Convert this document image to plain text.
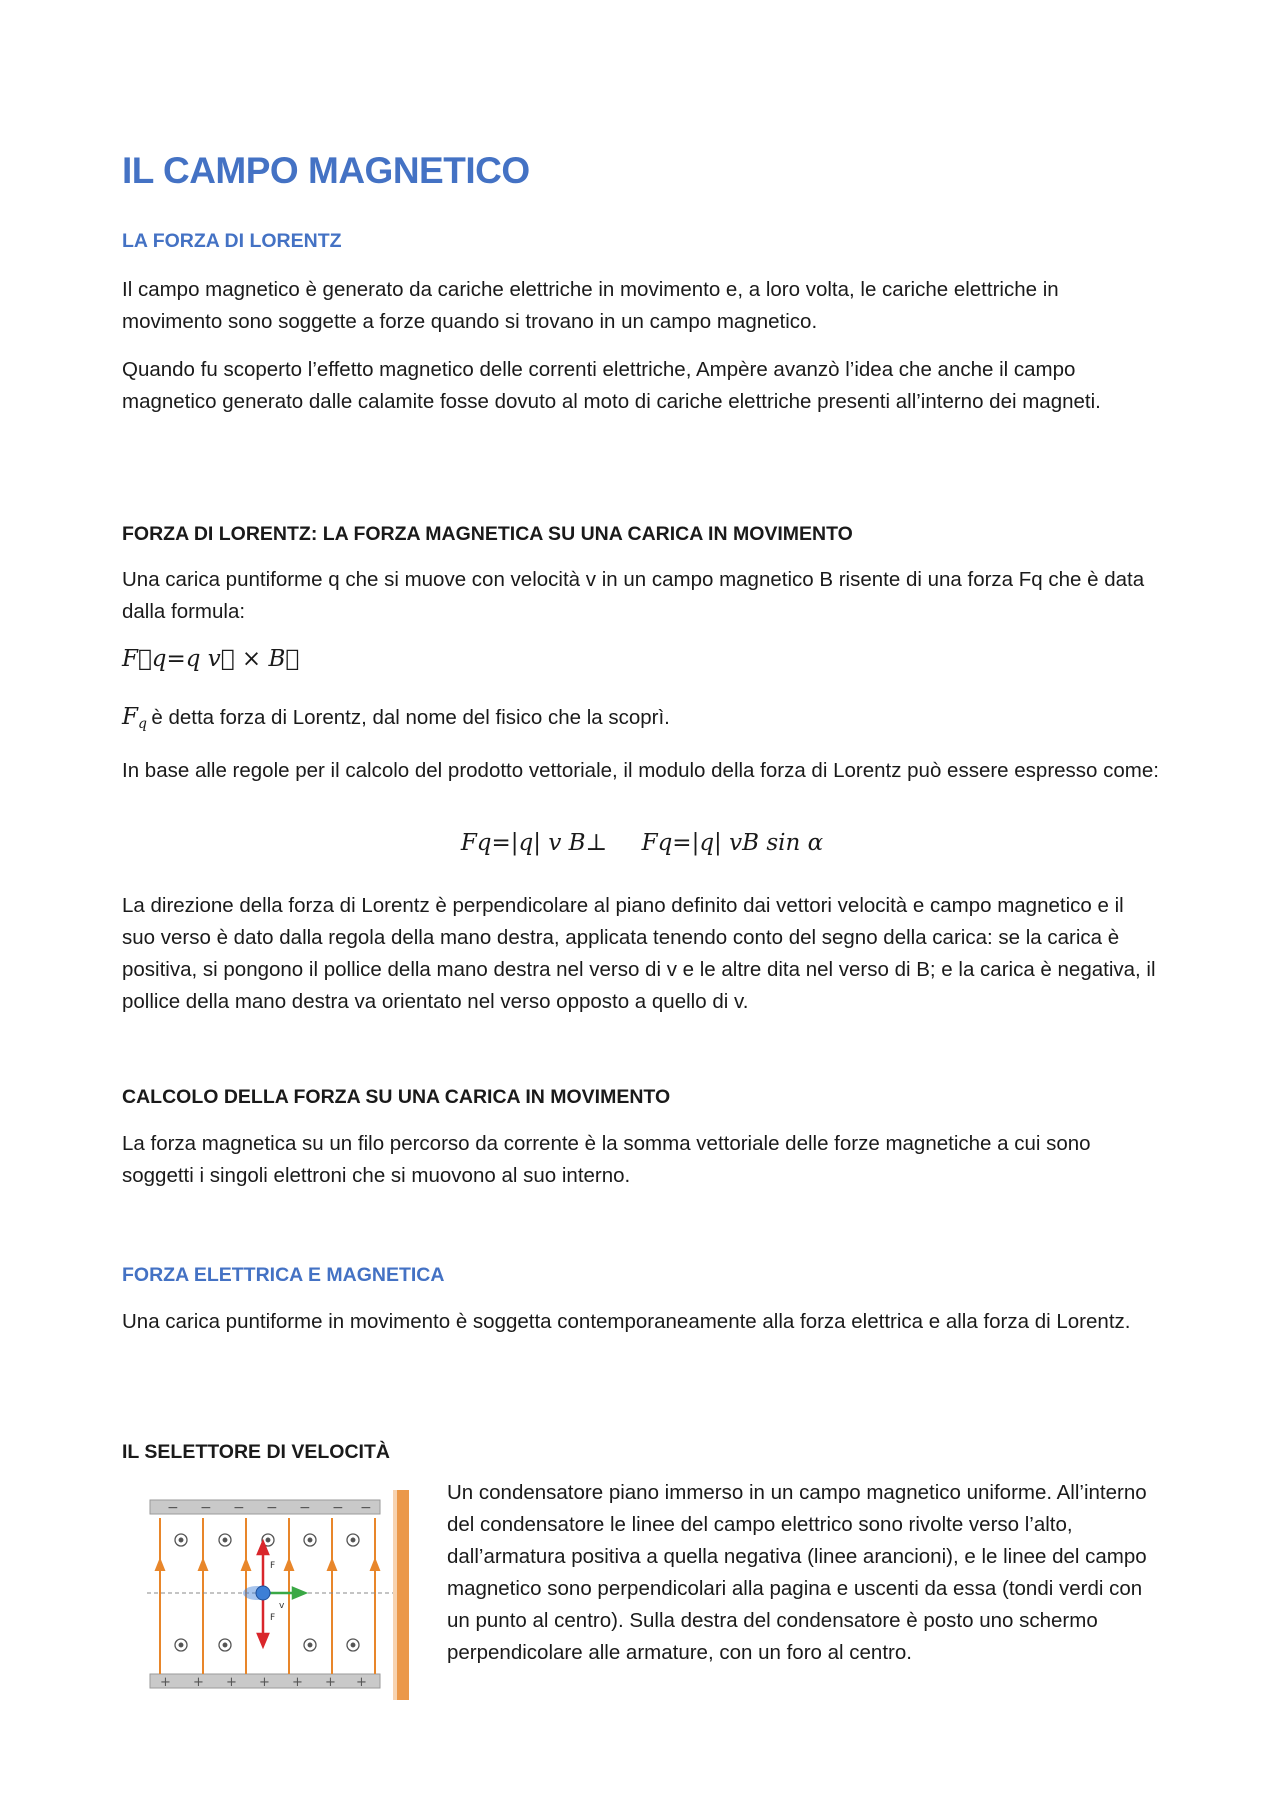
IL CAMPO MAGNETICO
LA FORZA DI LORENTZ

Il campo magnetico è generato da cariche elettriche in movimento e, a loro volta, le cariche elettriche in movimento sono soggette a forze quando si trovano in un campo magnetico.

Quando fu scoperto l’effetto magnetico delle correnti elettriche, Ampère avanzò l’idea che anche il campo magnetico generato dalle calamite fosse dovuto al moto di cariche elettriche presenti all’interno dei magneti.

FORZA DI LORENTZ: LA FORZA MAGNETICA SU UNA CARICA IN MOVIMENTO

Una carica puntiforme q che si muove con velocità v in un campo magnetico B risente di una forza Fq che è data dalla formula:

F⃗q=q v⃗ × B⃗

$F_q$ è detta forza di Lorentz, dal nome del fisico che la scoprì.

In base alle regole per il calcolo del prodotto vettoriale, il modulo della forza di Lorentz può essere espresso come:

Fq=|q| v B⊥ Fq=|q| vB sin α

La direzione della forza di Lorentz è perpendicolare al piano definito dai vettori velocità e campo magnetico e il suo verso è dato dalla regola della mano destra, applicata tenendo conto del segno della carica: se la carica è positiva, si pongono il pollice della mano destra nel verso di v e le altre dita nel verso di B; e la carica è negativa, il pollice della mano destra va orientato nel verso opposto a quello di v.

CALCOLO DELLA FORZA SU UNA CARICA IN MOVIMENTO

La forza magnetica su un filo percorso da corrente è la somma vettoriale delle forze magnetiche a cui sono soggetti i singoli elettroni che si muovono al suo interno.

FORZA ELETTRICA E MAGNETICA

Una carica puntiforme in movimento è soggetta contemporaneamente alla forza elettrica e alla forza di Lorentz.

IL SELETTORE DI VELOCITÀ
− − − − − − −
+ + + + + + +
F
F
v

Un condensatore piano immerso in un campo magnetico uniforme. All’interno del condensatore le linee del campo elettrico sono rivolte verso l’alto, dall’armatura positiva a quella negativa (linee arancioni), e le linee del campo magnetico sono perpendicolari alla pagina e uscenti da essa (tondi verdi con un punto al centro). Sulla destra del condensatore è posto uno schermo perpendicolare alle armature, con un foro al centro.
